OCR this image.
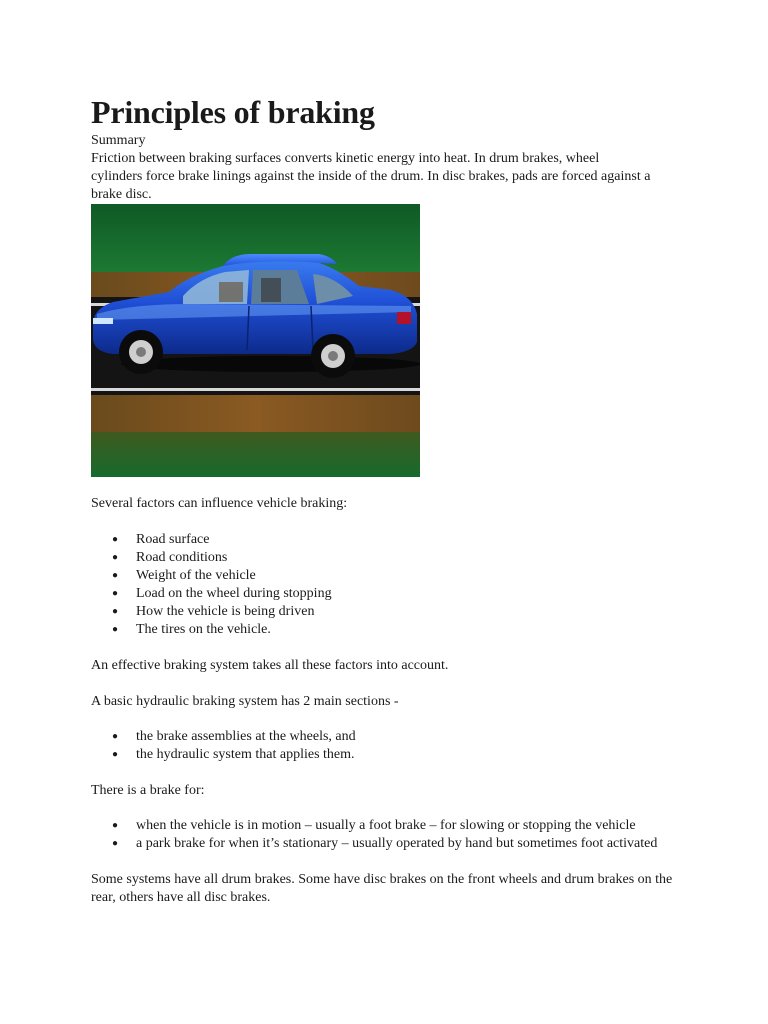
Principles of braking
Summary
Friction between braking surfaces converts kinetic energy into heat. In drum brakes, wheel cylinders force brake linings against the inside of the drum. In disc brakes, pads are forced against a brake disc.

Several factors can influence vehicle braking:

● Road surface
● Road conditions
● Weight of the vehicle
● Load on the wheel during stopping
● How the vehicle is being driven
● The tires on the vehicle.

An effective braking system takes all these factors into account.

A basic hydraulic braking system has 2 main sections -

● the brake assemblies at the wheels, and
● the hydraulic system that applies them.

There is a brake for:

● when the vehicle is in motion – usually a foot brake – for slowing or stopping the vehicle
● a park brake for when it’s stationary – usually operated by hand but sometimes foot activated

Some systems have all drum brakes. Some have disc brakes on the front wheels and drum brakes on the rear, others have all disc brakes.
